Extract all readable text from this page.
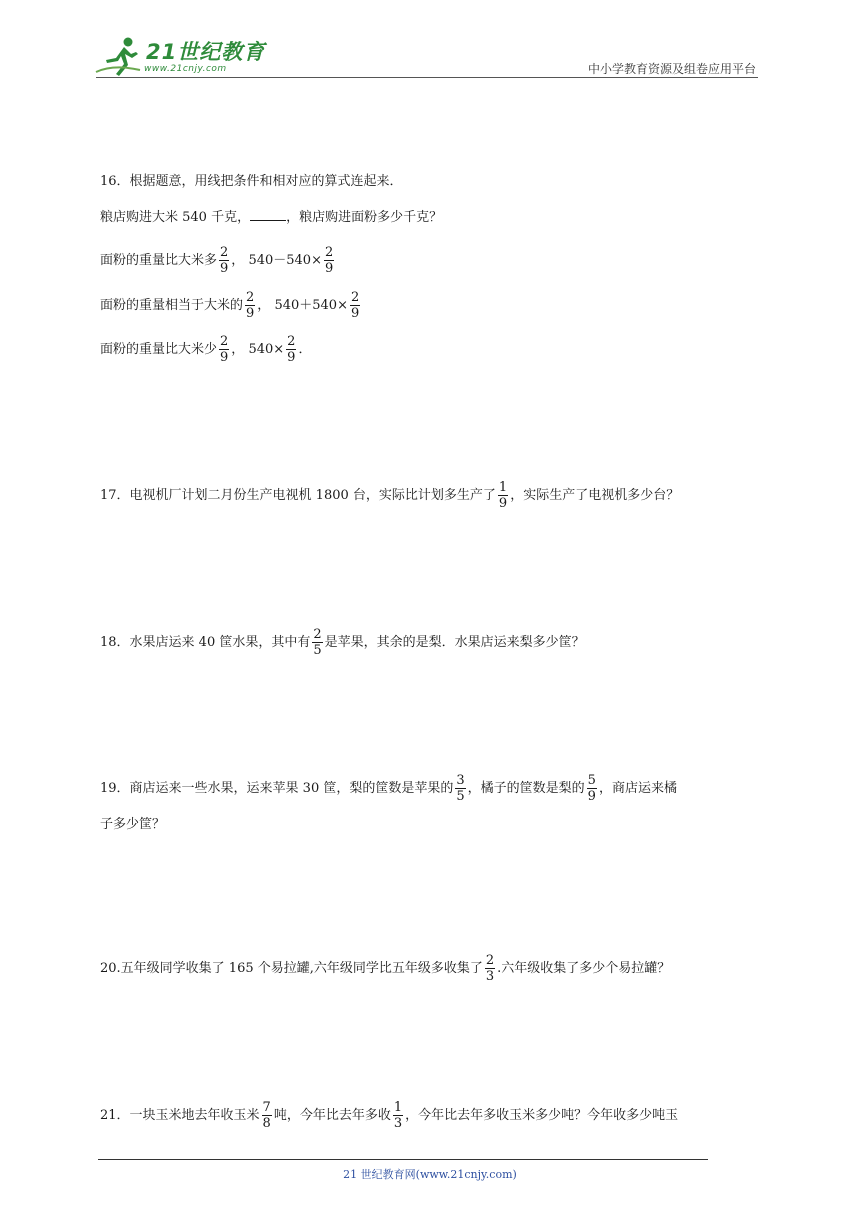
21世纪教育
www.21cnjy.com	中小学教育资源及组卷应用平台
16．根据题意，用线把条件和相对应的算式连起来．
粮店购进大米 540 千克，	，粮店购进面粉多少千克？
面粉的重量比大米多 $\frac{2}{9}$ ， $540-540\times \frac{2}{9}$
面粉的重量相当于大米的 $\frac{2}{9}$ ， $540+540\times \frac{2}{9}$
面粉的重量比大米少 $\frac{2}{9}$ ， $540\times \frac{2}{9}$ ．
17．电视机厂计划二月份生产电视机 1800 台，实际比计划多生产了 $\frac{1}{9}$ ，实际生产了电视机多少台？
18．水果店运来 40 筐水果，其中有 $\frac{2}{5}$ 是苹果，其余的是梨．水果店运来梨多少筐？
19．商店运来一些水果，运来苹果 30 筐，梨的筐数是苹果的 $\frac{3}{5}$ ，橘子的筐数是梨的 $\frac{5}{9}$ ，商店运来橘
子多少筐？
20.五年级同学收集了 165 个易拉罐,六年级同学比五年级多收集了 $\frac{2}{3}$ .六年级收集了多少个易拉罐？
21．一块玉米地去年收玉米 $\frac{7}{8}$ 吨，今年比去年多收 $\frac{1}{3}$ ，今年比去年多收玉米多少吨？今年收多少吨玉
21 世纪教育网(www.21cnjy.com)
